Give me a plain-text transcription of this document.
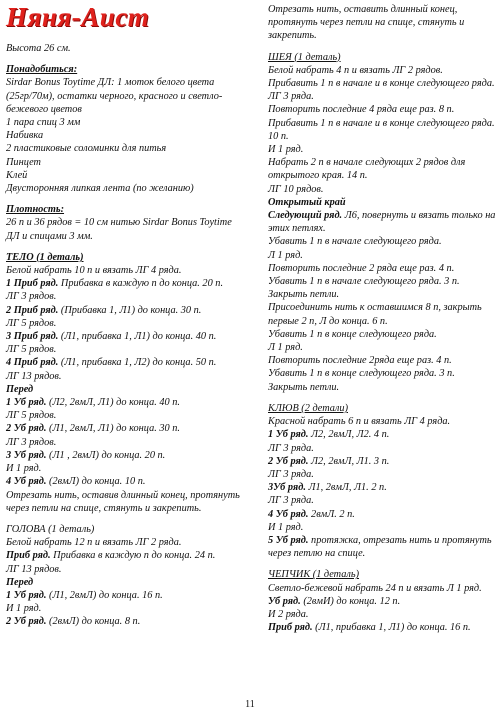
Няня-Аист
Высота 26 см.
Понадобиться:
Sirdar Bonus Toytime ДЛ: 1 моток белого цвета (25гр/70м), остатки черного, красного и светло-бежевого цветов
1 пара спиц 3 мм
Набивка
2 пластиковые соломинки для питья
Пинцет
Клей
Двусторонняя липкая лента (по желанию)
Плотность:
26 п и 36 рядов = 10 см нитью Sirdar Bonus Toytime ДЛ и спицами 3 мм.
ТЕЛО (1 деталь)
Белой набрать 10 п и вязать ЛГ 4 ряда.
1 Приб ряд. Прибавка в каждую п до конца. 20 п.
ЛГ 3 рядов.
2 Приб ряд. (Прибавка 1, Л1) до конца. 30 п.
ЛГ 5 рядов.
3 Приб ряд. (Л1, прибавка 1, Л1) до конца. 40 п.
ЛГ 5 рядов.
4 Приб ряд. (Л1, прибавка 1, Л2) до конца. 50 п.
ЛГ 13 рядов.
Перед
1 Уб ряд. (Л2, 2вмЛ, Л1) до конца. 40 п.
ЛГ 5 рядов.
2 Уб ряд. (Л1, 2вмЛ, Л1) до конца. 30 п.
ЛГ 3 рядов.
3 Уб ряд. (Л1 , 2вмЛ) до конца. 20 п.
И 1 ряд.
4 Уб ряд. (2вмЛ) до конца. 10 п.
Отрезать нить, оставив длинный конец, протянуть через петли на спице, стянуть и закрепить.
ГОЛОВА (1 деталь)
Белой набрать 12 п и вязать ЛГ 2 ряда.
Приб ряд. Прибавка в каждую п до конца. 24 п.
ЛГ 13 рядов.
Перед
1 Уб ряд. (Л1, 2вмЛ) до конца. 16 п.
И 1 ряд.
2 Уб ряд. (2вмЛ) до конца. 8 п.
Отрезать нить, оставить длинный конец, протянуть через петли на спице, стянуть и закрепить.
ШЕЯ (1 деталь)
Белой набрать 4 п и вязать ЛГ 2 рядов.
Прибавить 1 п в начале и в конце следующего ряда.
ЛГ 3 ряда.
Повторить последние 4 ряда еще раз. 8 п.
Прибавить 1 п в начале и в конце следующего ряда. 10 п.
И 1 ряд.
Набрать 2 п в начале следующих 2 рядов для открытого края. 14 п.
ЛГ 10 рядов.
Открытый край
Следующий ряд. Л6, повернуть и вязать только на этих петлях.
Убавить 1 п в начале следующего ряда.
Л 1 ряд.
Повторить последние 2 ряда еще раз. 4 п.
Убавить 1 п в начале следующего ряда. 3 п.
Закрыть петли.
Присоединить нить к оставшимся 8 п, закрыть первые 2 п, Л до конца. 6 п.
Убавить 1 п в конце следующего ряда.
Л 1 ряд.
Повторить последние 2ряда еще раз. 4 п.
Убавить 1 п в конце следующего ряда. 3 п.
Закрыть петли.
КЛЮВ (2 детали)
Красной набрать 6 п и вязать ЛГ 4 ряда.
1 Уб ряд. Л2, 2вмЛ, Л2. 4 п.
ЛГ 3 ряда.
2 Уб ряд. Л2, 2вмЛ, Л1. 3 п.
ЛГ 3 ряда.
3Уб ряд. Л1, 2вмЛ, Л1. 2 п.
ЛГ 3 ряда.
4 Уб ряд. 2вмЛ. 2 п.
И 1 ряд.
5 Уб ряд. протяжка, отрезать нить и протянуть через петлю на спице.
ЧЕПЧИК (1 деталь)
Светло-бежевой набрать 24 п и вязать Л 1 ряд.
Уб ряд. (2вмИ) до конца. 12 п.
И 2 ряда.
Приб ряд. (Л1, прибавка 1, Л1) до конца. 16 п.
11
